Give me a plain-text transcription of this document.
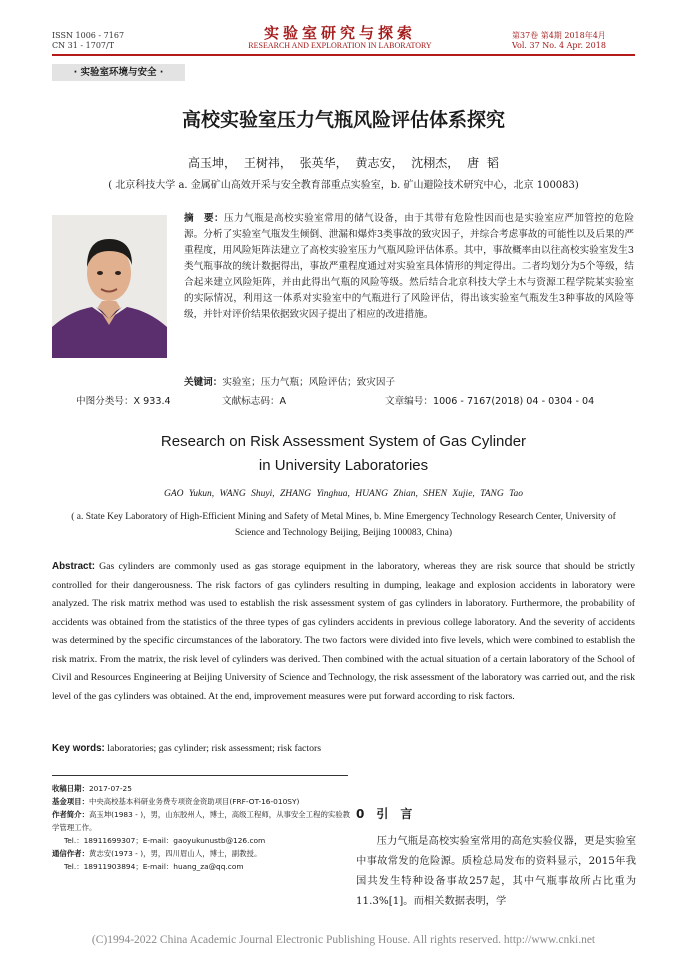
ISSN 1006 - 7167
CN 31 - 1707/T
实验室研究与探索
RESEARCH AND EXPLORATION IN LABORATORY
第37卷 第4期 2018年4月
Vol. 37 No. 4 Apr. 2018
· 实验室环境与安全 ·
高校实验室压力气瓶风险评估体系探究
高玉坤， 王树祎， 张英华， 黄志安， 沈栩杰， 唐 韬
( 北京科技大学 a. 金属矿山高效开采与安全教育部重点实验室，b. 矿山避险技术研究中心，北京 100083)
摘　要：压力气瓶是高校实验室常用的储气设备，由于其带有危险性因而也是实验室应严加管控的危险源。分析了实验室气瓶发生倾倒、泄漏和爆炸3类事故的致灾因子，并综合考虑事故的可能性以及后果的严重程度，用风险矩阵法建立了高校实验室压力气瓶风险评估体系。其中，事故概率由以往高校实验室发生3类气瓶事故的统计数据得出，事故严重程度通过对实验室具体情形的判定得出。二者均划分为5个等级，结合起来建立风险矩阵，并由此得出气瓶的风险等级。然后结合北京科技大学土木与资源工程学院某实验室的实际情况，利用这一体系对实验室中的气瓶进行了风险评估，得出该实验室气瓶发生3种事故的风险等级，并针对评价结果依据致灾因子提出了相应的改进措施。
关键词：实验室；压力气瓶；风险评估；致灾因子
中图分类号：X 933.4	文献标志码：A	文章编号：1006 - 7167(2018) 04 - 0304 - 04
Research on Risk Assessment System of Gas Cylinder
in University Laboratories
GAO Yukun, WANG Shuyi, ZHANG Yinghua, HUANG Zhian, SHEN Xujie, TANG Tao
( a. State Key Laboratory of High-Efficient Mining and Safety of Metal Mines, b. Mine Emergency Technology Research Center, University of Science and Technology Beijing, Beijing 100083, China)
Abstract: Gas cylinders are commonly used as gas storage equipment in the laboratory, whereas they are risk source that should be strictly controlled for their dangerousness. The risk factors of gas cylinders resulting in dumping, leakage and explosion accidents in laboratory were analyzed. The risk matrix method was used to establish the risk assessment system of gas cylinders in laboratory. Furthermore, the probability of accidents was obtained from the statistics of the three types of gas cylinders accidents in previous college laboratory. And the severity of accidents was determined by the specific circumstances of the laboratory. The two factors were divided into five levels, which were combined to establish the risk matrix. From the matrix, the risk level of cylinders was derived. Then combined with the actual situation of a certain laboratory of the School of Civil and Resources Engineering at Beijing University of Science and Technology, the risk assessment of the laboratory was carried out, and the risk level of the gas cylinders was obtained. At the end, improvement measures were put forward according to risk factors.
Key words: laboratories; gas cylinder; risk assessment; risk factors
收稿日期：2017-07-25
基金项目：中央高校基本科研业务费专项资金资助项目(FRF-OT-16-010SY)
作者简介：高玉坤(1983 - )，男，山东胶州人，博士，高级工程师，从事安全工程的实验教学管理工作。
Tel.：18911699307；E-mail：gaoyukunustb@126.com
通信作者：黄志安(1973 - )，男，四川眉山人，博士，副教授。
Tel.：18911903894；E-mail：huang_za@qq.com
0　引　言
压力气瓶是高校实验室常用的高危实验仪器，更是实验室中事故常发的危险源。质检总局发布的资料显示，2015年我国共发生特种设备事故257起，其中气瓶事故所占比重为11.3%[1]。而相关数据表明，学
(C)1994-2022 China Academic Journal Electronic Publishing House. All rights reserved. http://www.cnki.net
